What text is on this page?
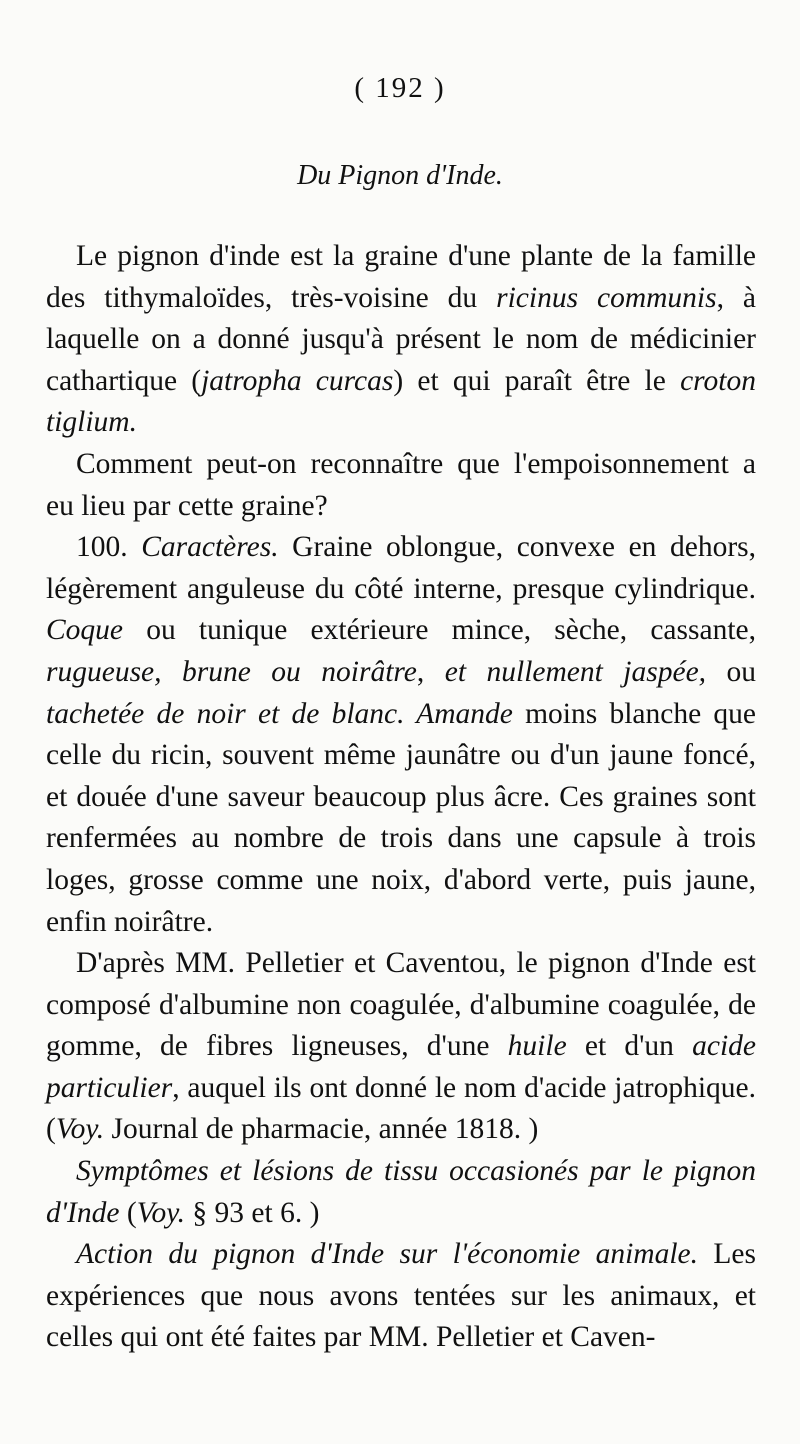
( 192 )
Du Pignon d'Inde.

Le pignon d'inde est la graine d'une plante de la famille des tithymaloïdes, très-voisine du ricinus communis, à laquelle on a donné jusqu'à présent le nom de médicinier cathartique (jatropha curcas) et qui paraît être le croton tiglium.

Comment peut-on reconnaître que l'empoisonnement a eu lieu par cette graine?

100. Caractères. Graine oblongue, convexe en dehors, légèrement anguleuse du côté interne, presque cylindrique. Coque ou tunique extérieure mince, sèche, cassante, rugueuse, brune ou noirâtre, et nullement jaspée, ou tachetée de noir et de blanc. Amande moins blanche que celle du ricin, souvent même jaunâtre ou d'un jaune foncé, et douée d'une saveur beaucoup plus âcre. Ces graines sont renfermées au nombre de trois dans une capsule à trois loges, grosse comme une noix, d'abord verte, puis jaune, enfin noirâtre.

D'après MM. Pelletier et Caventou, le pignon d'Inde est composé d'albumine non coagulée, d'albumine coagulée, de gomme, de fibres ligneuses, d'une huile et d'un acide particulier, auquel ils ont donné le nom d'acide jatrophique. (Voy. Journal de pharmacie, année 1818. )

Symptômes et lésions de tissu occasionés par le pignon d'Inde (Voy. § 93 et 6. )

Action du pignon d'Inde sur l'économie animale. Les expériences que nous avons tentées sur les animaux, et celles qui ont été faites par MM. Pelletier et Caven-
